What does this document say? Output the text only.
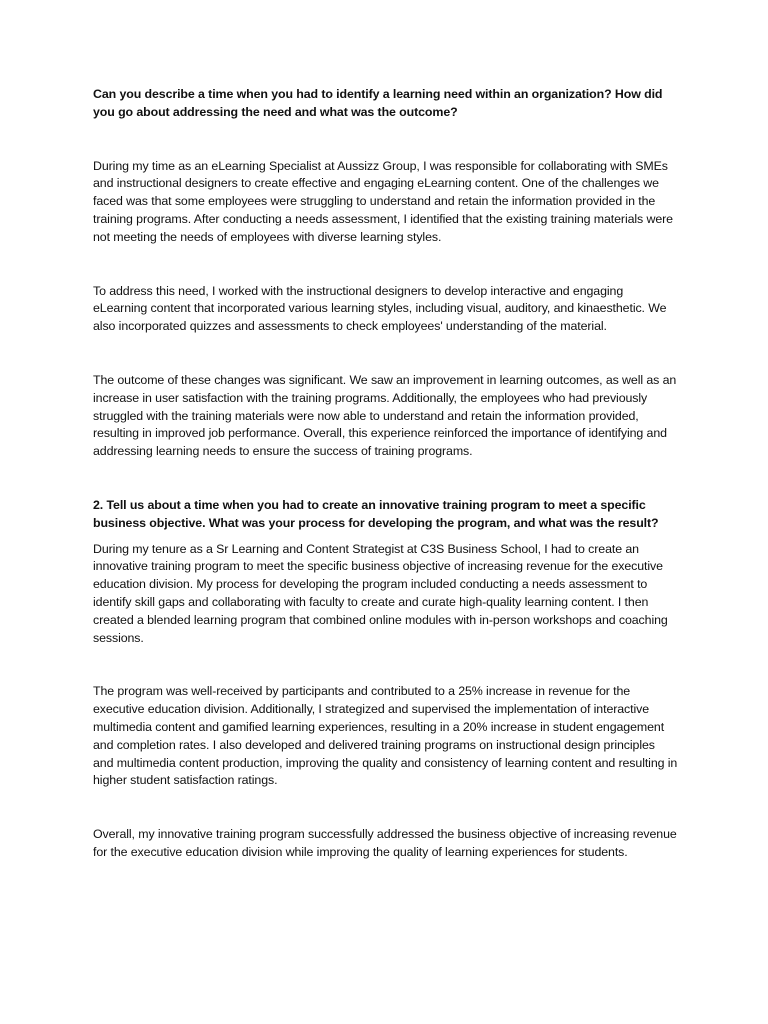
Can you describe a time when you had to identify a learning need within an organization? How did you go about addressing the need and what was the outcome?

During my time as an eLearning Specialist at Aussizz Group, I was responsible for collaborating with SMEs and instructional designers to create effective and engaging eLearning content. One of the challenges we faced was that some employees were struggling to understand and retain the information provided in the training programs. After conducting a needs assessment, I identified that the existing training materials were not meeting the needs of employees with diverse learning styles.

To address this need, I worked with the instructional designers to develop interactive and engaging eLearning content that incorporated various learning styles, including visual, auditory, and kinaesthetic. We also incorporated quizzes and assessments to check employees' understanding of the material.

The outcome of these changes was significant. We saw an improvement in learning outcomes, as well as an increase in user satisfaction with the training programs. Additionally, the employees who had previously struggled with the training materials were now able to understand and retain the information provided, resulting in improved job performance. Overall, this experience reinforced the importance of identifying and addressing learning needs to ensure the success of training programs.

2. Tell us about a time when you had to create an innovative training program to meet a specific business objective. What was your process for developing the program, and what was the result?

During my tenure as a Sr Learning and Content Strategist at C3S Business School, I had to create an innovative training program to meet the specific business objective of increasing revenue for the executive education division. My process for developing the program included conducting a needs assessment to identify skill gaps and collaborating with faculty to create and curate high-quality learning content. I then created a blended learning program that combined online modules with in-person workshops and coaching sessions.

The program was well-received by participants and contributed to a 25% increase in revenue for the executive education division. Additionally, I strategized and supervised the implementation of interactive multimedia content and gamified learning experiences, resulting in a 20% increase in student engagement and completion rates. I also developed and delivered training programs on instructional design principles and multimedia content production, improving the quality and consistency of learning content and resulting in higher student satisfaction ratings.

Overall, my innovative training program successfully addressed the business objective of increasing revenue for the executive education division while improving the quality of learning experiences for students.
